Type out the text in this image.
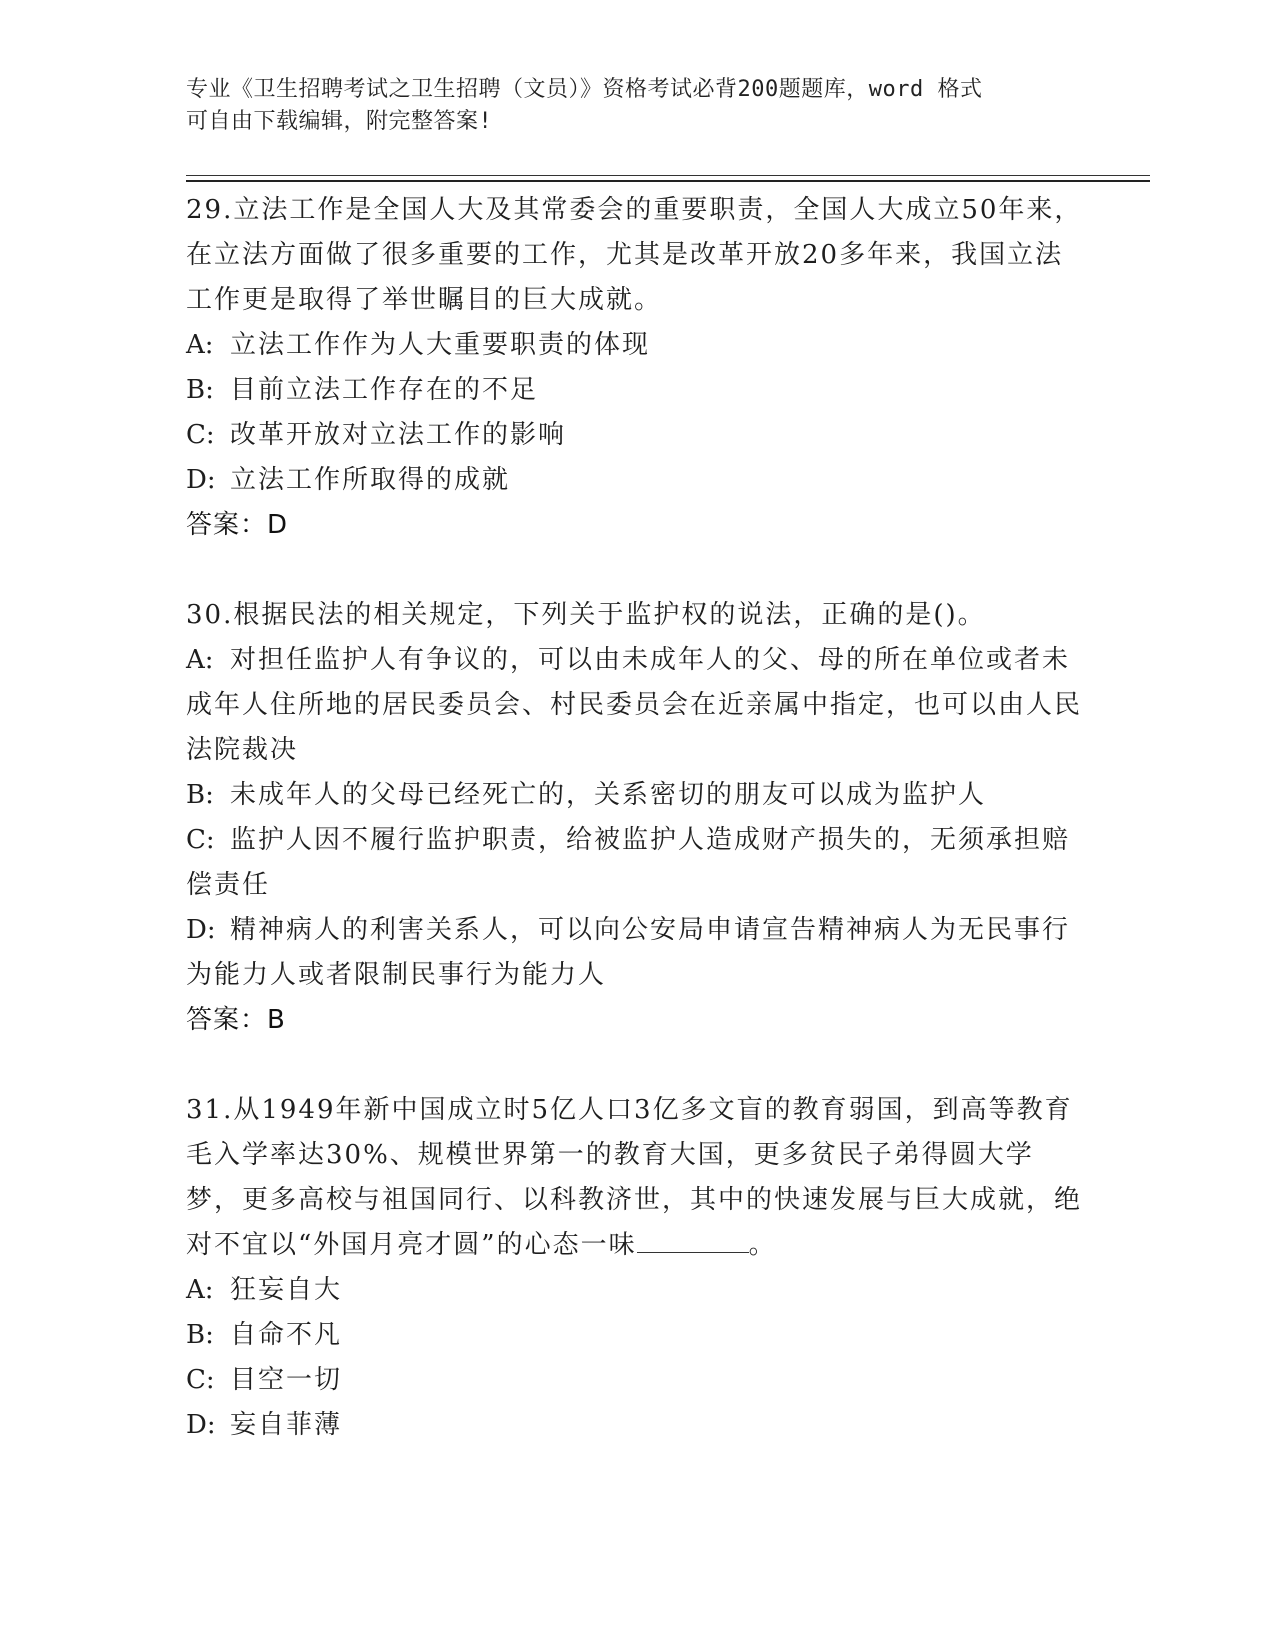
专业《卫生招聘考试之卫生招聘（文员）》资格考试必背200题题库，word 格式
可自由下载编辑，附完整答案!

29.立法工作是全国人大及其常委会的重要职责，全国人大成立50年来，在立法方面做了很多重要的工作，尤其是改革开放20多年来，我国立法工作更是取得了举世瞩目的巨大成就。

A: 立法工作作为人大重要职责的体现

B: 目前立法工作存在的不足

C: 改革开放对立法工作的影响

D: 立法工作所取得的成就

答案：D

30.根据民法的相关规定，下列关于监护权的说法，正确的是()。

A: 对担任监护人有争议的，可以由未成年人的父、母的所在单位或者未成年人住所地的居民委员会、村民委员会在近亲属中指定，也可以由人民法院裁决

B: 未成年人的父母已经死亡的，关系密切的朋友可以成为监护人

C: 监护人因不履行监护职责，给被监护人造成财产损失的，无须承担赔偿责任

D: 精神病人的利害关系人，可以向公安局申请宣告精神病人为无民事行为能力人或者限制民事行为能力人

答案：B

31.从1949年新中国成立时5亿人口3亿多文盲的教育弱国，到高等教育毛入学率达30%、规模世界第一的教育大国，更多贫民子弟得圆大学梦，更多高校与祖国同行、以科教济世，其中的快速发展与巨大成就，绝对不宜以“外国月亮才圆”的心态一味	。

A: 狂妄自大

B: 自命不凡

C: 目空一切

D: 妄自菲薄
